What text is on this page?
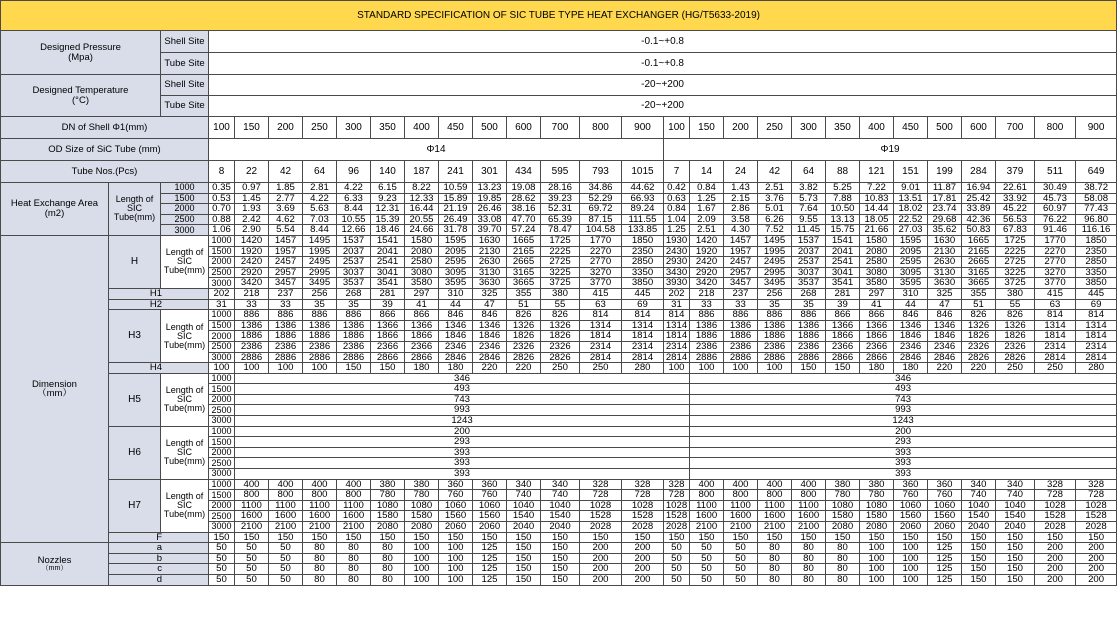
STANDARD SPECIFICATION OF SIC TUBE TYPE HEAT EXCHANGER (HG/T5633-2019)																													
Designed Pressure
(Mpa)		Shell Site	-0.1~+0.8																										
		Tube Site	-0.1~+0.8																										
Designed Temperature
(°C)		Shell Site	-20~+200																										
		Tube Site	-20~+200																										
DN of Shell Φ1(mm)			100	150	200	250	300	350	400	450	500	600	700	800	900	100	150	200	250	300	350	400	450	500	600	700	800	900	
OD Size of SiC Tube (mm)			Φ14													Φ19													
Tube Nos.(Pcs)			8	22	42	64	96	140	187	241	301	434	595	793	1015	7	14	24	42	64	88	121	151	199	284	379	511	649	
Heat Exchange Area
(m2)	Length of
SIC
Tube(mm)	1000	0.35	0.97	1.85	2.81	4.22	6.15	8.22	10.59	13.23	19.08	28.16	34.86	44.62	0.42	0.84	1.43	2.51	3.82	5.25	7.22	9.01	11.87	16.94	22.61	30.49	38.72	
		1500	0.53	1.45	2.77	4.22	6.33	9.23	12.33	15.89	19.85	28.62	39.23	52.29	66.93	0.63	1.25	2.15	3.76	5.73	7.88	10.83	13.51	17.81	25.42	33.92	45.73	58.08	
		2000	0.70	1.93	3.69	5.63	8.44	12.31	16.44	21.19	26.46	38.16	52.31	69.72	89.24	0.84	1.67	2.86	5.01	7.64	10.50	14.44	18.02	23.74	33.89	45.22	60.97	77.43	
		2500	0.88	2.42	4.62	7.03	10.55	15.39	20.55	26.49	33.08	47.70	65.39	87.15	111.55	1.04	2.09	3.58	6.26	9.55	13.13	18.05	22.52	29.68	42.36	56.53	76.22	96.80	
		3000	1.06	2.90	5.54	8.44	12.66	18.46	24.66	31.78	39.70	57.24	78.47	104.58	133.85	1.25	2.51	4.30	7.52	11.45	15.75	21.66	27.03	35.62	50.83	67.83	91.46	116.16	
Dimension
（mm）	H	Length of
SIC
Tube(mm)	1000	1420	1457	1495	1537	1541	1580	1595	1630	1665	1725	1770	1850	1930	1420	1457	1495	1537	1541	1580	1595	1630	1665	1725	1770	1850	
			1500	1920	1957	1995	2037	2041	2080	2095	2130	2165	2225	2270	2350	2430	1920	1957	1995	2037	2041	2080	2095	2130	2165	2225	2270	2350	
			2000	2420	2457	2495	2537	2541	2580	2595	2630	2665	2725	2770	2850	2930	2420	2457	2495	2537	2541	2580	2595	2630	2665	2725	2770	2850	
			2500	2920	2957	2995	3037	3041	3080	3095	3130	3165	3225	3270	3350	3430	2920	2957	2995	3037	3041	3080	3095	3130	3165	3225	3270	3350	
			3000	3420	3457	3495	3537	3541	3580	3595	3630	3665	3725	3770	3850	3930	3420	3457	3495	3537	3541	3580	3595	3630	3665	3725	3770	3850	
	H1		202	218	237	256	268	281	297	310	325	355	380	415	445	202	218	237	256	268	281	297	310	325	355	380	415	445	
	H2		31	33	33	35	35	39	41	44	47	51	55	63	69	31	33	33	35	35	39	41	44	47	51	55	63	69	
	H3	Length of
SIC
Tube(mm)	1000	886	886	886	886	866	866	846	846	826	826	814	814	814	886	886	886	886	866	866	846	846	826	826	814	814	
			1500	1386	1386	1386	1386	1366	1366	1346	1346	1326	1326	1314	1314	1314	1386	1386	1386	1386	1366	1366	1346	1346	1326	1326	1314	1314	
			2000	1886	1886	1886	1886	1866	1866	1846	1846	1826	1826	1814	1814	1814	1886	1886	1886	1886	1866	1866	1846	1846	1826	1826	1814	1814	
			2500	2386	2386	2386	2386	2366	2366	2346	2346	2326	2326	2314	2314	2314	2386	2386	2386	2386	2366	2366	2346	2346	2326	2326	2314	2314	
			3000	2886	2886	2886	2886	2866	2866	2846	2846	2826	2826	2814	2814	2814	2886	2886	2886	2886	2866	2866	2846	2846	2826	2826	2814	2814	
	H4		100	100	100	100	150	150	180	180	220	220	250	250	280	100	100	100	100	150	150	180	180	220	220	250	250	280	
	H5	Length of
SIC
Tube(mm)	1000	346													346												
			1500	493													493												
			2000	743													743												
			2500	993													993												
			3000	1243													1243												
	H6	Length of
SIC
Tube(mm)	1000	200													200												
			1500	293													293												
			2000	393													393												
			2500	393													393												
			3000	393													393												
	H7	Length of
SIC
Tube(mm)	1000	400	400	400	400	380	380	360	360	340	340	328	328	328	400	400	400	400	380	380	360	360	340	340	328	328	
			1500	800	800	800	800	780	780	760	760	740	740	728	728	728	800	800	800	800	780	780	760	760	740	740	728	728	
			2000	1100	1100	1100	1100	1080	1080	1060	1060	1040	1040	1028	1028	1028	1100	1100	1100	1100	1080	1080	1060	1060	1040	1040	1028	1028	
			2500	1600	1600	1600	1600	1580	1580	1560	1560	1540	1540	1528	1528	1528	1600	1600	1600	1600	1580	1580	1560	1560	1540	1540	1528	1528	
			3000	2100	2100	2100	2100	2080	2080	2060	2060	2040	2040	2028	2028	2028	2100	2100	2100	2100	2080	2080	2060	2060	2040	2040	2028	2028	
	F		150	150	150	150	150	150	150	150	150	150	150	150	150	150	150	150	150	150	150	150	150	150	150	150	150	150	

Nozzles
（mm）	a		50	50	50	80	80	80	100	100	125	150	150	200	200	50	50	50	80	80	80	100	100	125	150	150	200	200	
	b		50	50	50	80	80	80	100	100	125	150	150	200	200	50	50	50	80	80	80	100	100	125	150	150	200	200	
	c		50	50	50	80	80	80	100	100	125	150	150	200	200	50	50	50	80	80	80	100	100	125	150	150	200	200	
	d		50	50	50	80	80	80	100	100	125	150	150	200	200	50	50	50	80	80	80	100	100	125	150	150	200	200	
